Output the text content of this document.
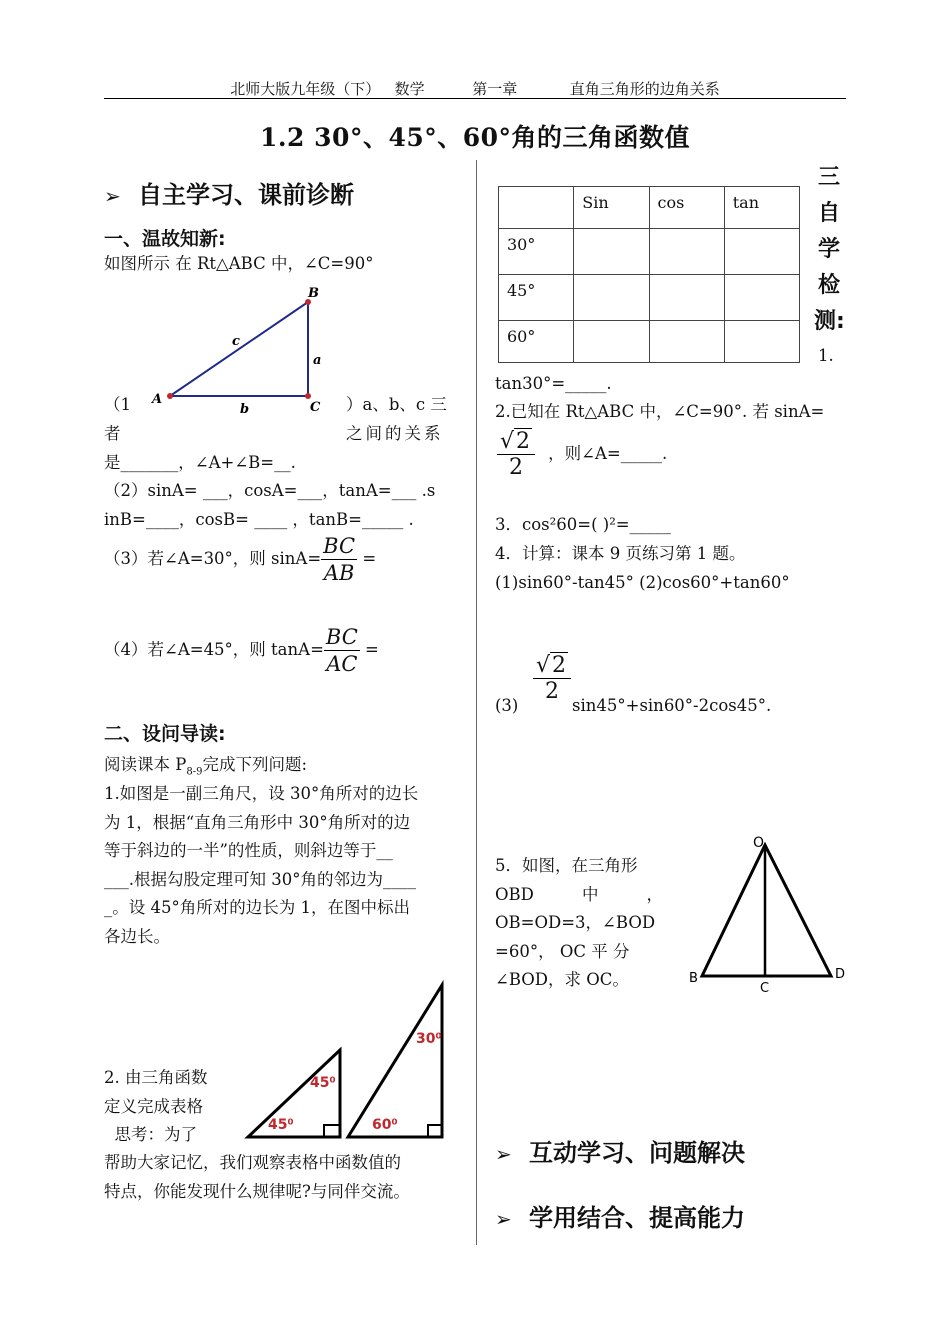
北师大版九年级（下）   数学          第一章           直角三角形的边角关系
1.2 30°、45°、60°角的三角函数值
➢ 自主学习、课前诊断
一、温故知新:
如图所示 在 Rt△ABC 中，∠C=90°
A
B
C
a
b
c
（1	）a、b、c 三
者	之间的关系
是_______，∠A+∠B=__.
（2）sinA= ___，cosA=___，tanA=___ .s
inB=____，cosB= ____ ，tanB=_____ .
（3）若∠A=30°，则 $\sin A= \frac{BC}{AB}$ =
（4）若∠A=45°，则 $\tan A= \frac{BC}{AC}$ =
二、设问导读:
阅读课本 $P_{8-9}$完成下列问题:
1.如图是一副三角尺，设 30°角所对的边长
为 1，根据“直角三角形中 30°角所对的边
等于斜边的一半”的性质，则斜边等于__
___.根据勾股定理可知 30°角的邻边为____
_。设 45°角所对的边长为 1，在图中标出
各边长。
45⁰
45⁰
30⁰
60⁰
2. 由三角函数
定义完成表格
思考：为了
帮助大家记忆，我们观察表格中函数值的
特点，你能发现什么规律呢?与同伴交流。
	Sin	cos	tan
30°			
45°			
60°			
三
自
学
检
测:
1.
tan30°=_____.
2.已知在 Rt△ABC 中，∠C=90°. 若 sinA=
$\frac{√2}{2}$ ，则∠A=_____.
3．cos²60=( )²=_____
4．计算：课本 9 页练习第 1 题。
(1)sin60°-tan45° (2)cos60°+tan60°
(3)
$\frac{√2}{2}$
sin45°+sin60°-2cos45°.
5．如图，在三角形
OBD	中	，
OB=OD=3，∠BOD
=60°， OC 平 分
∠BOD，求 OC。
O
B
C
D
➢ 互动学习、问题解决
➢ 学用结合、提高能力
